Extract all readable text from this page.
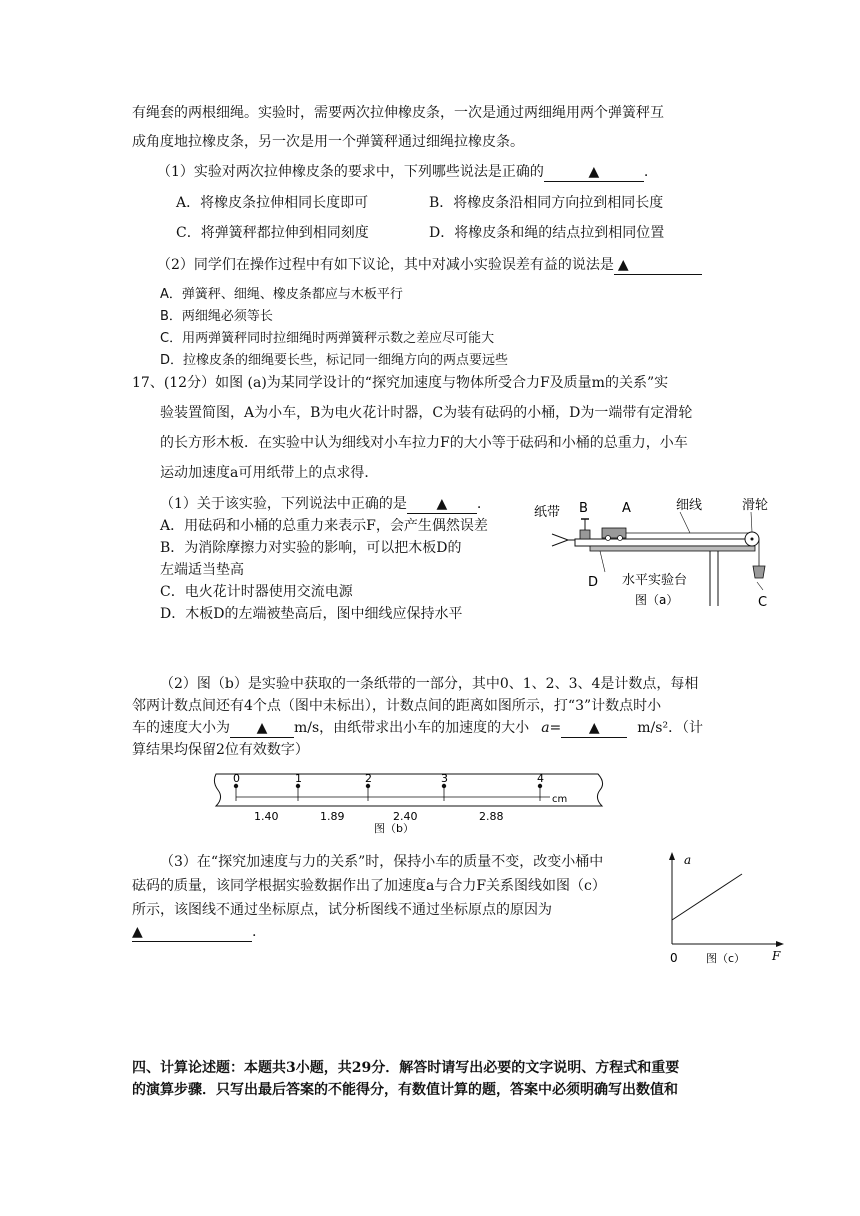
有绳套的两根细绳。实验时，需要两次拉伸橡皮条，一次是通过两细绳用两个弹簧秤互
成角度地拉橡皮条，另一次是用一个弹簧秤通过细绳拉橡皮条。
（1）实验对两次拉伸橡皮条的要求中，下列哪些说法是正确的	▲	.
A．将橡皮条拉伸相同长度即可	B．将橡皮条沿相同方向拉到相同长度
C．将弹簧秤都拉伸到相同刻度	D．将橡皮条和绳的结点拉到相同位置
（2）同学们在操作过程中有如下议论，其中对减小实验误差有益的说法是 ▲
A．弹簧秤、细绳、橡皮条都应与木板平行
B．两细绳必须等长
C．用两弹簧秤同时拉细绳时两弹簧秤示数之差应尽可能大
D．拉橡皮条的细绳要长些，标记同一细绳方向的两点要远些
17、(12分）如图 (a)为某同学设计的“探究加速度与物体所受合力F及质量m的关系”实
验装置简图，A为小车，B为电火花计时器，C为装有砝码的小桶，D为一端带有定滑轮
的长方形木板．在实验中认为细线对小车拉力F的大小等于砝码和小桶的总重力，小车
运动加速度a可用纸带上的点求得．
（1）关于该实验，下列说法中正确的是 ▲ .
A．用砝码和小桶的总重力来表示F，会产生偶然误差
B．为消除摩擦力对实验的影响，可以把木板D的
左端适当垫高
C．电火花计时器使用交流电源
D．木板D的左端被垫高后，图中细线应保持水平
纸带 B	A	细线	滑轮
D 水平实验台
C
图（a）
（2）图（b）是实验中获取的一条纸带的一部分，其中0、1、2、3、4是计数点，每相
邻两计数点间还有4个点（图中未标出），计数点间的距离如图所示，打“3”计数点时小
车的速度大小为 ▲ m/s，由纸带求出小车的加速度的大小 a= ▲	m/s²．（计
算结果均保留2位有效数字）
0	1	2	3	4
1.40	1.89	2.40	2.88
cm
图（b）
（3）在“探究加速度与力的关系”时，保持小车的质量不变，改变小桶中
砝码的质量，该同学根据实验数据作出了加速度a与合力F关系图线如图（c）
所示，该图线不通过坐标原点，试分析图线不通过坐标原点的原因为
▲	.
a
0	F
图（c）
四、计算论述题：本题共3小题，共29分．解答时请写出必要的文字说明、方程式和重要
的演算步骤．只写出最后答案的不能得分，有数值计算的题，答案中必须明确写出数值和
